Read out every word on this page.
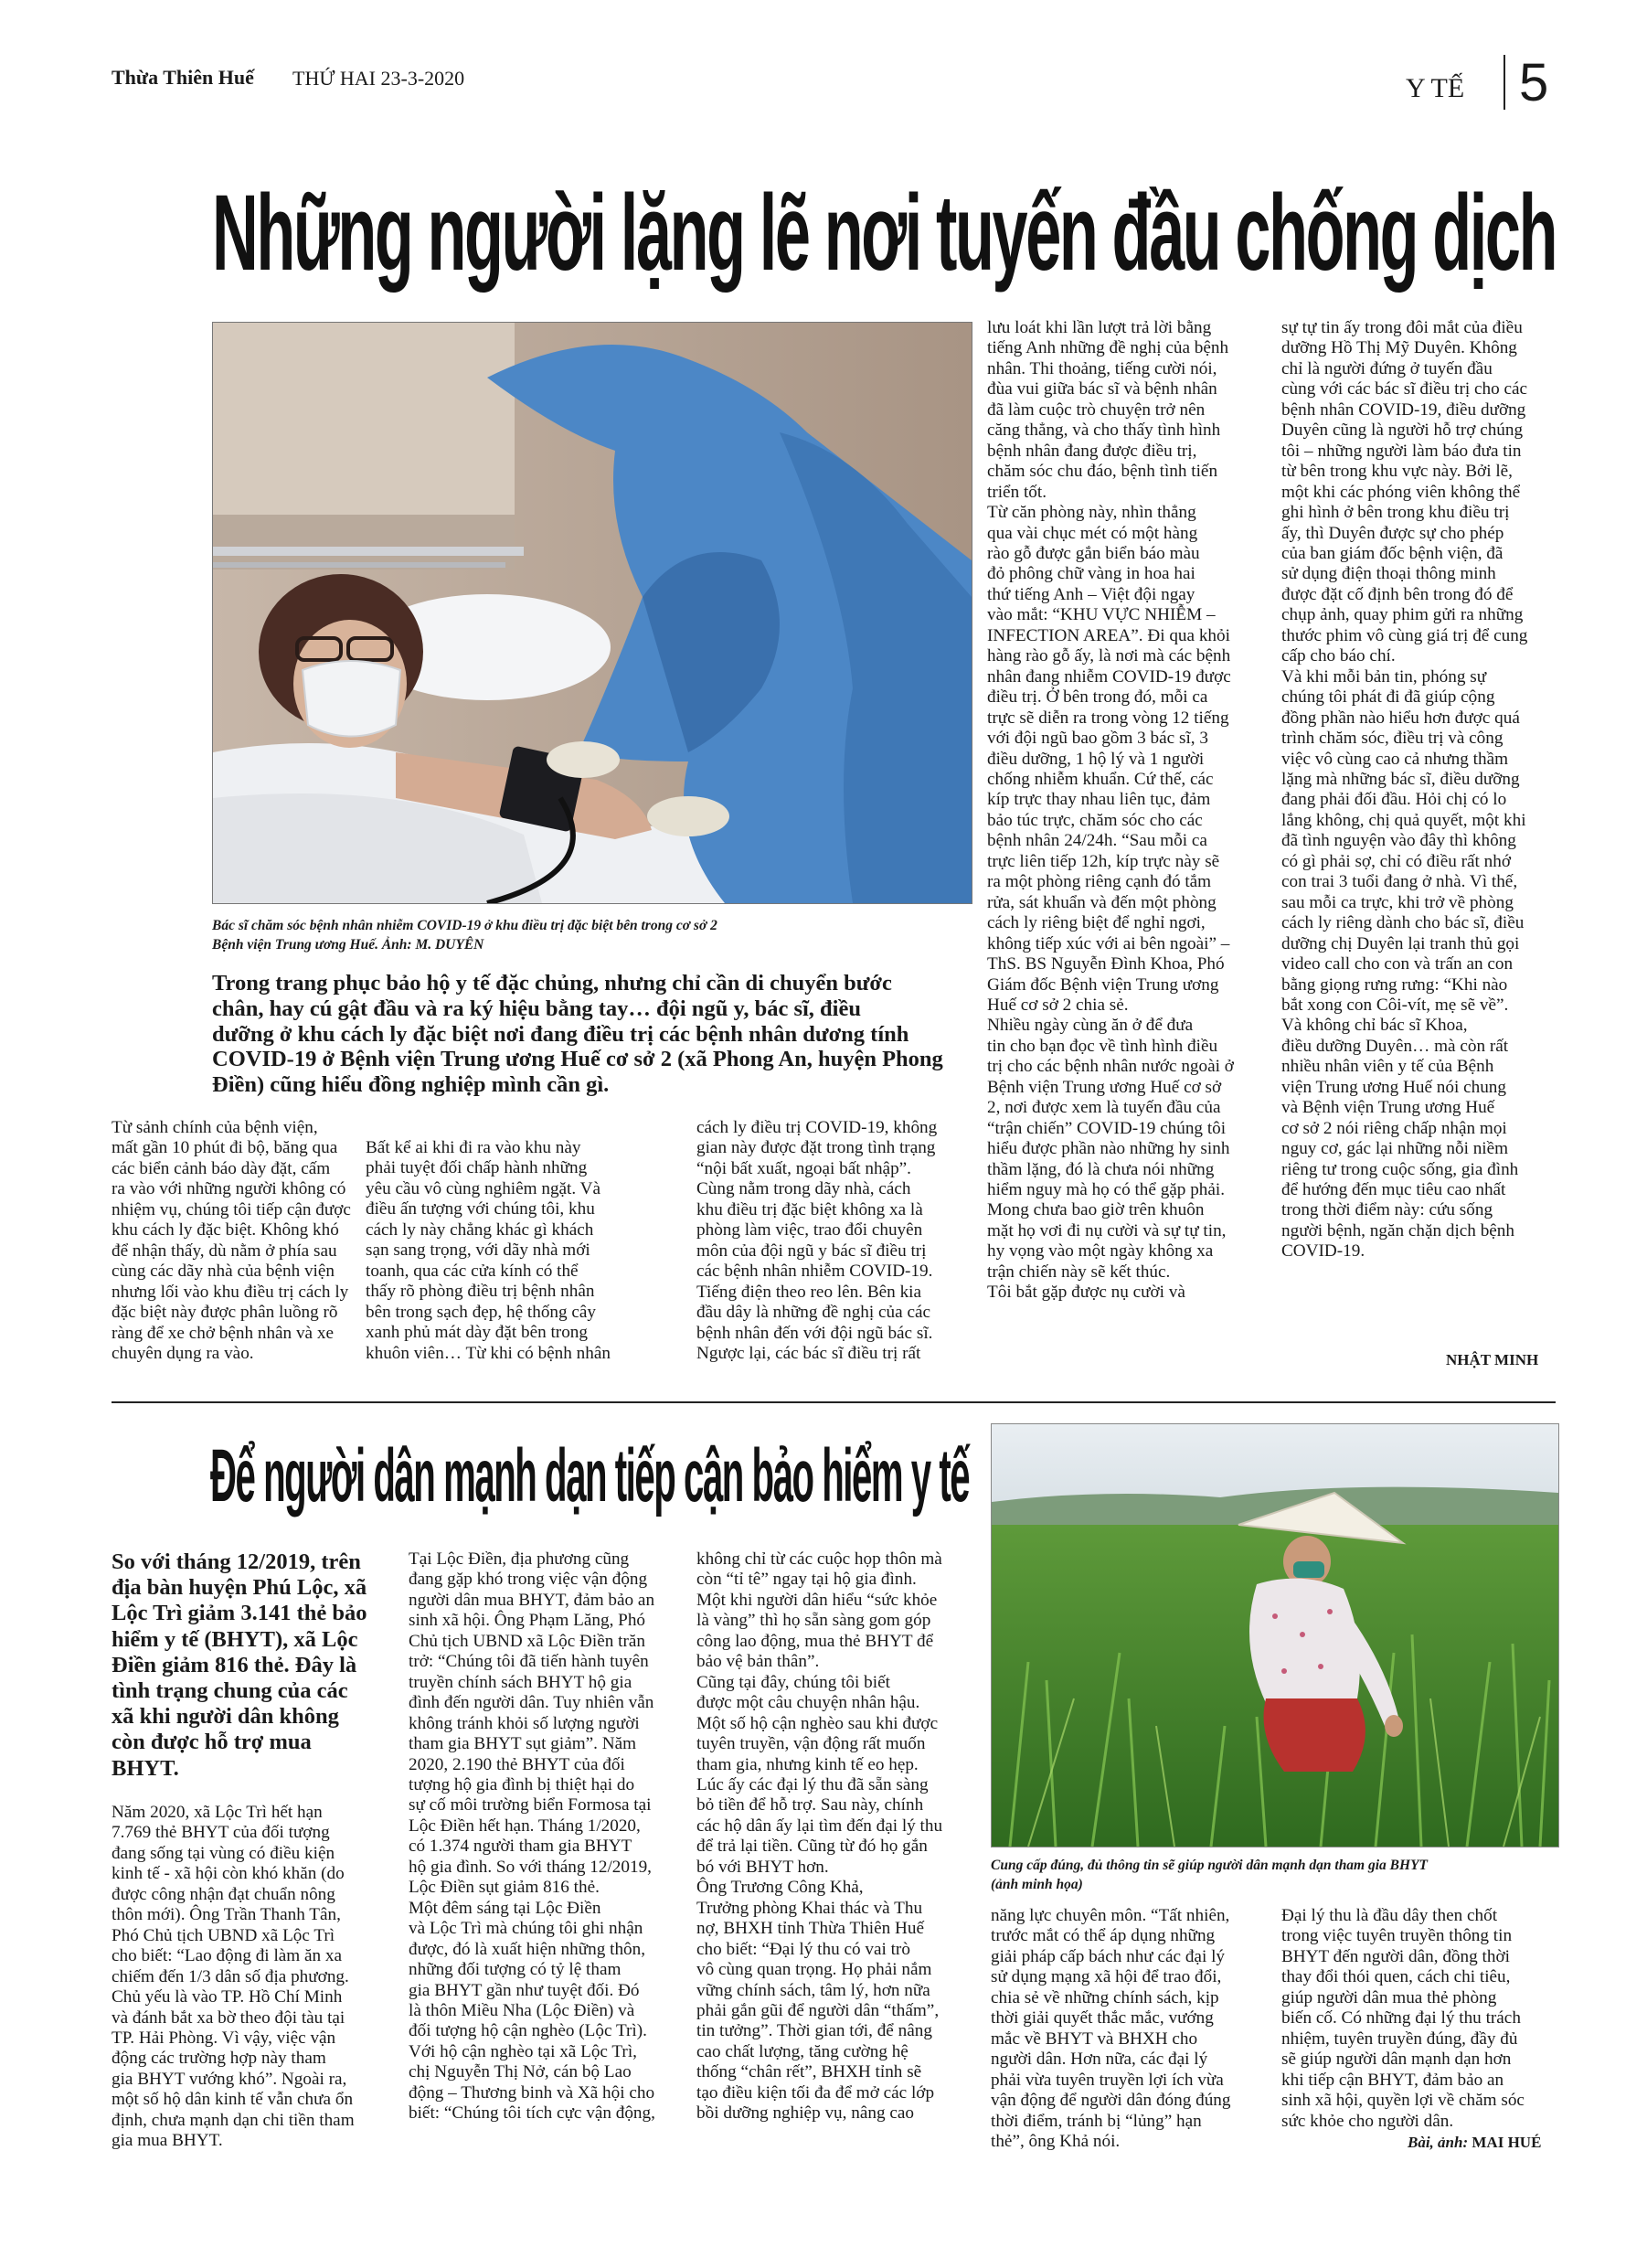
Thừa Thiên Huế THỨ HAI 23-3-2020	Y TẾ 5
Những người lặng lẽ nơi tuyến đầu chống dịch
Bác sĩ chăm sóc bệnh nhân nhiễm COVID-19 ở khu điều trị đặc biệt bên trong cơ sở 2
Bệnh viện Trung ương Huế. Ảnh: M. DUYÊN
Trong trang phục bảo hộ y tế đặc chủng, nhưng chỉ cần di chuyển bước
chân, hay cú gật đầu và ra ký hiệu bằng tay… đội ngũ y, bác sĩ, điều
dưỡng ở khu cách ly đặc biệt nơi đang điều trị các bệnh nhân dương tính
COVID-19 ở Bệnh viện Trung ương Huế cơ sở 2 (xã Phong An, huyện Phong
Điền) cũng hiểu đồng nghiệp mình cần gì.
Từ sảnh chính của bệnh viện,
mất gần 10 phút đi bộ, băng qua
các biển cảnh báo dày đặt, cấm
ra vào với những người không có
nhiệm vụ, chúng tôi tiếp cận được
khu cách ly đặc biệt. Không khó
để nhận thấy, dù nằm ở phía sau
cùng các dãy nhà của bệnh viện
nhưng lối vào khu điều trị cách ly
đặc biệt này được phân luồng rõ
ràng để xe chở bệnh nhân và xe
chuyên dụng ra vào.
Bất kể ai khi đi ra vào khu này
phải tuyệt đối chấp hành những
yêu cầu vô cùng nghiêm ngặt. Và
điều ấn tượng với chúng tôi, khu
cách ly này chẳng khác gì khách
sạn sang trọng, với dãy nhà mới
toanh, qua các cửa kính có thể
thấy rõ phòng điều trị bệnh nhân
bên trong sạch đẹp, hệ thống cây
xanh phủ mát dày đặt bên trong
khuôn viên… Từ khi có bệnh nhân
cách ly điều trị COVID-19, không
gian này được đặt trong tình trạng
“nội bất xuất, ngoại bất nhập”.
Cùng nằm trong dãy nhà, cách
khu điều trị đặc biệt không xa là
phòng làm việc, trao đổi chuyên
môn của đội ngũ y bác sĩ điều trị
các bệnh nhân nhiễm COVID-19.
Tiếng điện theo reo lên. Bên kia
đầu dây là những đề nghị của các
bệnh nhân đến với đội ngũ bác sĩ.
Ngược lại, các bác sĩ điều trị rất
lưu loát khi lần lượt trả lời bằng
tiếng Anh những đề nghị của bệnh
nhân. Thi thoảng, tiếng cười nói,
đùa vui giữa bác sĩ và bệnh nhân
đã làm cuộc trò chuyện trở nên
căng thẳng, và cho thấy tình hình
bệnh nhân đang được điều trị,
chăm sóc chu đáo, bệnh tình tiến
triển tốt.
Từ căn phòng này, nhìn thẳng
qua vài chục mét có một hàng
rào gỗ được gắn biển báo màu
đỏ phông chữ vàng in hoa hai
thứ tiếng Anh – Việt đội ngay
vào mắt: “KHU VỰC NHIỄM –
INFECTION AREA”. Đi qua khỏi
hàng rào gỗ ấy, là nơi mà các bệnh
nhân đang nhiễm COVID-19 được
điều trị. Ở bên trong đó, mỗi ca
trực sẽ diễn ra trong vòng 12 tiếng
với đội ngũ bao gồm 3 bác sĩ, 3
điều dưỡng, 1 hộ lý và 1 người
chống nhiễm khuẩn. Cứ thế, các
kíp trực thay nhau liên tục, đảm
bảo túc trực, chăm sóc cho các
bệnh nhân 24/24h. “Sau mỗi ca
trực liên tiếp 12h, kíp trực này sẽ
ra một phòng riêng cạnh đó tắm
rửa, sát khuẩn và đến một phòng
cách ly riêng biệt để nghỉ ngơi,
không tiếp xúc với ai bên ngoài” –
ThS. BS Nguyễn Đình Khoa, Phó
Giám đốc Bệnh viện Trung ương
Huế cơ sở 2 chia sẻ.
Nhiều ngày cùng ăn ở để đưa
tin cho bạn đọc về tình hình điều
trị cho các bệnh nhân nước ngoài ở
Bệnh viện Trung ương Huế cơ sở
2, nơi được xem là tuyến đầu của
“trận chiến” COVID-19 chúng tôi
hiểu được phần nào những hy sinh
thầm lặng, đó là chưa nói những
hiểm nguy mà họ có thể gặp phải.
Mong chưa bao giờ trên khuôn
mặt họ vơi đi nụ cười và sự tự tin,
hy vọng vào một ngày không xa
trận chiến này sẽ kết thúc.
Tôi bắt gặp được nụ cười và
sự tự tin ấy trong đôi mắt của điều
dưỡng Hồ Thị Mỹ Duyên. Không
chỉ là người đứng ở tuyến đầu
cùng với các bác sĩ điều trị cho các
bệnh nhân COVID-19, điều dưỡng
Duyên cũng là người hỗ trợ chúng
tôi – những người làm báo đưa tin
từ bên trong khu vực này. Bởi lẽ,
một khi các phóng viên không thể
ghi hình ở bên trong khu điều trị
ấy, thì Duyên được sự cho phép
của ban giám đốc bệnh viện, đã
sử dụng điện thoại thông minh
được đặt cố định bên trong đó để
chụp ảnh, quay phim gửi ra những
thước phim vô cùng giá trị để cung
cấp cho báo chí.
Và khi mỗi bản tin, phóng sự
chúng tôi phát đi đã giúp cộng
đồng phần nào hiểu hơn được quá
trình chăm sóc, điều trị và công
việc vô cùng cao cả nhưng thầm
lặng mà những bác sĩ, điều dưỡng
đang phải đối đầu. Hỏi chị có lo
lắng không, chị quả quyết, một khi
đã tình nguyện vào đây thì không
có gì phải sợ, chỉ có điều rất nhớ
con trai 3 tuổi đang ở nhà. Vì thế,
sau mỗi ca trực, khi trở về phòng
cách ly riêng dành cho bác sĩ, điều
dưỡng chị Duyên lại tranh thủ gọi
video call cho con và trấn an con
bằng giọng rưng rưng: “Khi nào
bắt xong con Côi-vít, mẹ sẽ về”.
Và không chỉ bác sĩ Khoa,
điều dưỡng Duyên… mà còn rất
nhiều nhân viên y tế của Bệnh
viện Trung ương Huế nói chung
và Bệnh viện Trung ương Huế
cơ sở 2 nói riêng chấp nhận mọi
nguy cơ, gác lại những nỗi niềm
riêng tư trong cuộc sống, gia đình
để hướng đến mục tiêu cao nhất
trong thời điểm này: cứu sống
người bệnh, ngăn chặn dịch bệnh
COVID-19.
NHẬT MINH
Để người dân mạnh dạn tiếp cận bảo hiểm y tế
Cung cấp đúng, đủ thông tin sẽ giúp người dân mạnh dạn tham gia BHYT
(ảnh minh họa)
So với tháng 12/2019, trên
địa bàn huyện Phú Lộc, xã
Lộc Trì giảm 3.141 thẻ bảo
hiểm y tế (BHYT), xã Lộc
Điền giảm 816 thẻ. Đây là
tình trạng chung của các
xã khi người dân không
còn được hỗ trợ mua
BHYT.
Năm 2020, xã Lộc Trì hết hạn
7.769 thẻ BHYT của đối tượng
đang sống tại vùng có điều kiện
kinh tế - xã hội còn khó khăn (do
được công nhận đạt chuẩn nông
thôn mới). Ông Trần Thanh Tân,
Phó Chủ tịch UBND xã Lộc Trì
cho biết: “Lao động đi làm ăn xa
chiếm đến 1/3 dân số địa phương.
Chủ yếu là vào TP. Hồ Chí Minh
và đánh bắt xa bờ theo đội tàu tại
TP. Hải Phòng. Vì vậy, việc vận
động các trường hợp này tham
gia BHYT vướng khó”. Ngoài ra,
một số hộ dân kinh tế vẫn chưa ổn
định, chưa mạnh dạn chi tiền tham
gia mua BHYT.
Tại Lộc Điền, địa phương cũng
đang gặp khó trong việc vận động
người dân mua BHYT, đảm bảo an
sinh xã hội. Ông Phạm Lăng, Phó
Chủ tịch UBND xã Lộc Điền trăn
trở: “Chúng tôi đã tiến hành tuyên
truyền chính sách BHYT hộ gia
đình đến người dân. Tuy nhiên vẫn
không tránh khỏi số lượng người
tham gia BHYT sụt giảm”. Năm
2020, 2.190 thẻ BHYT của đối
tượng hộ gia đình bị thiệt hại do
sự cố môi trường biển Formosa tại
Lộc Điền hết hạn. Tháng 1/2020,
có 1.374 người tham gia BHYT
hộ gia đình. So với tháng 12/2019,
Lộc Điền sụt giảm 816 thẻ.
Một đêm sáng tại Lộc Điền
và Lộc Trì mà chúng tôi ghi nhận
được, đó là xuất hiện những thôn,
những đối tượng có tỷ lệ tham
gia BHYT gần như tuyệt đối. Đó
là thôn Miều Nha (Lộc Điền) và
đối tượng hộ cận nghèo (Lộc Trì).
Với hộ cận nghèo tại xã Lộc Trì,
chị Nguyễn Thị Nở, cán bộ Lao
động – Thương binh và Xã hội cho
biết: “Chúng tôi tích cực vận động,
không chỉ từ các cuộc họp thôn mà
còn “tỉ tê” ngay tại hộ gia đình.
Một khi người dân hiểu “sức khỏe
là vàng” thì họ sẵn sàng gom góp
công lao động, mua thẻ BHYT để
bảo vệ bản thân”.
Cũng tại đây, chúng tôi biết
được một câu chuyện nhân hậu.
Một số hộ cận nghèo sau khi được
tuyên truyền, vận động rất muốn
tham gia, nhưng kinh tế eo hẹp.
Lúc ấy các đại lý thu đã sẵn sàng
bỏ tiền để hỗ trợ. Sau này, chính
các hộ dân ấy lại tìm đến đại lý thu
để trả lại tiền. Cũng từ đó họ gắn
bó với BHYT hơn.
Ông Trương Công Khả,
Trưởng phòng Khai thác và Thu
nợ, BHXH tỉnh Thừa Thiên Huế
cho biết: “Đại lý thu có vai trò
vô cùng quan trọng. Họ phải nắm
vững chính sách, tâm lý, hơn nữa
phải gắn gũi để người dân “thấm”,
tin tưởng”. Thời gian tới, để nâng
cao chất lượng, tăng cường hệ
thống “chân rết”, BHXH tỉnh sẽ
tạo điều kiện tối đa để mở các lớp
bồi dưỡng nghiệp vụ, nâng cao
năng lực chuyên môn. “Tất nhiên,
trước mắt có thể áp dụng những
giải pháp cấp bách như các đại lý
sử dụng mạng xã hội để trao đổi,
chia sẻ về những chính sách, kịp
thời giải quyết thắc mắc, vướng
mắc về BHYT và BHXH cho
người dân. Hơn nữa, các đại lý
phải vừa tuyên truyền lợi ích vừa
vận động để người dân đóng đúng
thời điểm, tránh bị “lủng” hạn
thẻ”, ông Khả nói.
Đại lý thu là đầu dây then chốt
trong việc tuyên truyền thông tin
BHYT đến người dân, đồng thời
thay đổi thói quen, cách chi tiêu,
giúp người dân mua thẻ phòng
biến cố. Có những đại lý thu trách
nhiệm, tuyên truyền đúng, đầy đủ
sẽ giúp người dân mạnh dạn hơn
khi tiếp cận BHYT, đảm bảo an
sinh xã hội, quyền lợi về chăm sóc
sức khỏe cho người dân.
Bài, ảnh: MAI HUÉ
